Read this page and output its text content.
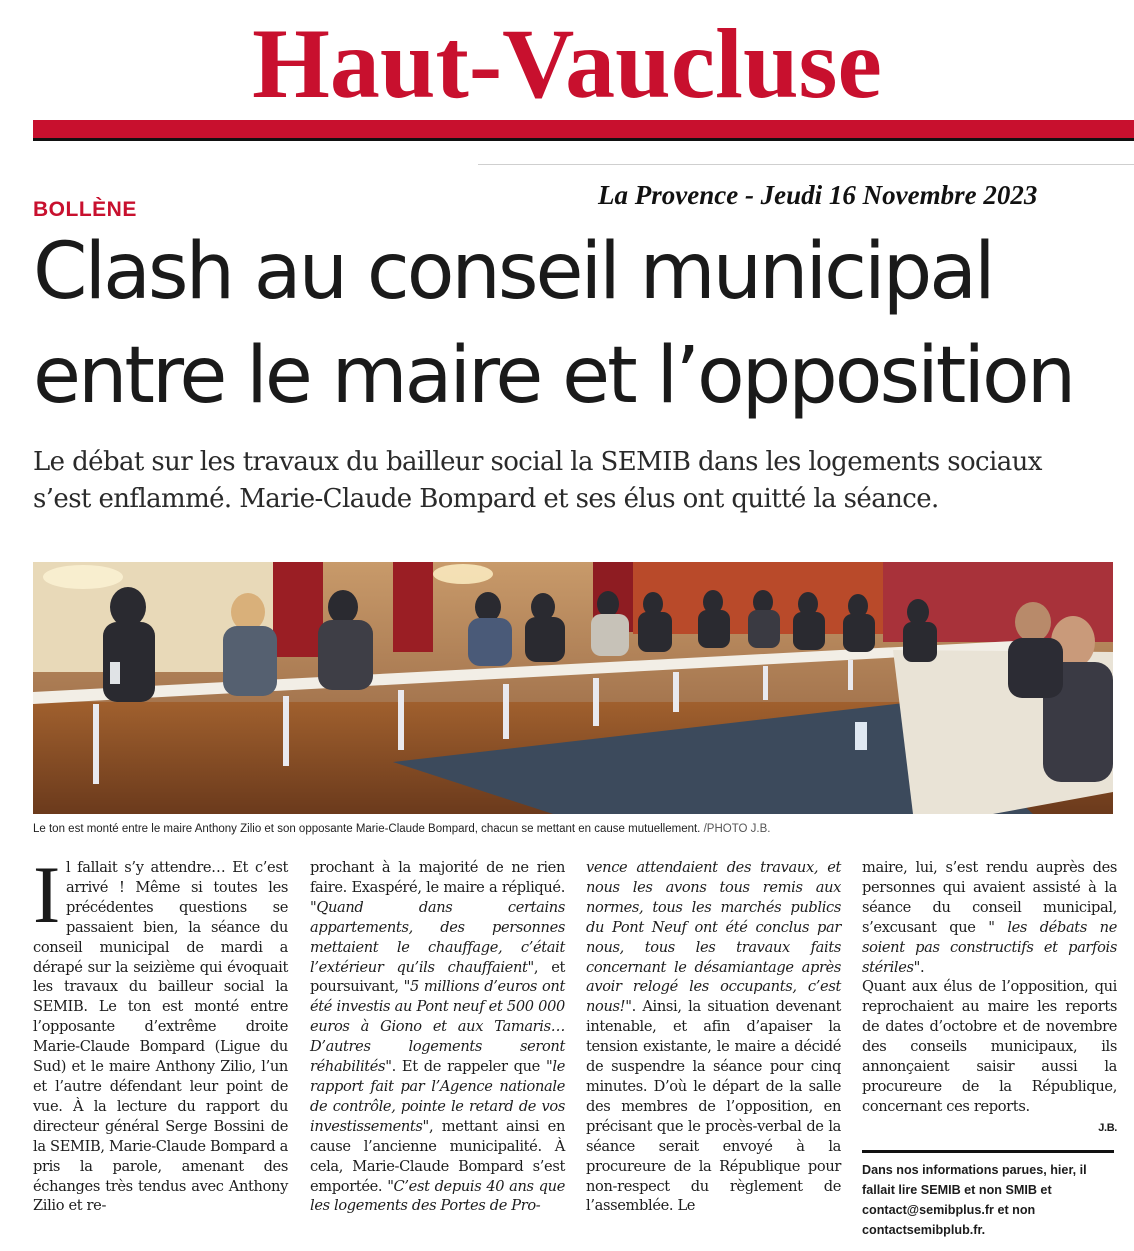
Haut-Vaucluse
BOLLÈNE	La Provence - Jeudi 16 Novembre 2023
Clash au conseil municipal
entre le maire et l’opposition
Le débat sur les travaux du bailleur social la SEMIB dans les logements sociaux
s’est enflammé. Marie-Claude Bompard et ses élus ont quitté la séance.
Le ton est monté entre le maire Anthony Zilio et son opposante Marie-Claude Bompard, chacun se mettant en cause mutuellement. /PHOTO J.B.

I l fallait s’y attendre… Et c’est arrivé ! Même si toutes les précédentes questions se passaient bien, la séance du conseil municipal de mardi a dérapé sur la seizième qui évoquait les travaux du bailleur social la SEMIB. Le ton est monté entre l’opposante d’extrême droite Marie-Claude Bompard (Ligue du Sud) et le maire Anthony Zilio, l’un et l’autre défendant leur point de vue. À la lecture du rapport du directeur général Serge Bossini de la SEMIB, Marie-Claude Bompard a pris la parole, amenant des échanges très tendus avec Anthony Zilio et re-

prochant à la majorité de ne rien faire. Exaspéré, le maire a répliqué. "Quand dans certains appartements, des personnes mettaient le chauffage, c’était l’extérieur qu’ils chauffaient", et poursuivant, "5 millions d’euros ont été investis au Pont neuf et 500 000 euros à Giono et aux Tamaris… D’autres logements seront réhabilités". Et de rappeler que "le rapport fait par l’Agence nationale de contrôle, pointe le retard de vos investissements", mettant ainsi en cause l’ancienne municipalité. À cela, Marie-Claude Bompard s’est emportée. "C’est depuis 40 ans que les logements des Portes de Pro-

vence attendaient des travaux, et nous les avons tous remis aux normes, tous les marchés publics du Pont Neuf ont été conclus par nous, tous les travaux faits concernant le désamiantage après avoir relogé les occupants, c’est nous!". Ainsi, la situation devenant intenable, et afin d’apaiser la tension existante, le maire a décidé de suspendre la séance pour cinq minutes. D’où le départ de la salle des membres de l’opposition, en précisant que le procès-verbal de la séance serait envoyé à la procureure de la République pour non-respect du règlement de l’assemblée. Le

maire, lui, s’est rendu auprès des personnes qui avaient assisté à la séance du conseil municipal, s’excusant que " les débats ne soient pas constructifs et parfois stériles".

Quant aux élus de l’opposition, qui reprochaient au maire les reports de dates d’octobre et de novembre des conseils municipaux, ils annonçaient saisir aussi la procureure de la République, concernant ces reports.

J.B.
Dans nos informations parues, hier, il
fallait lire SEMIB et non SMIB et
contact@semibplus.fr et non
contactsemibplub.fr.
